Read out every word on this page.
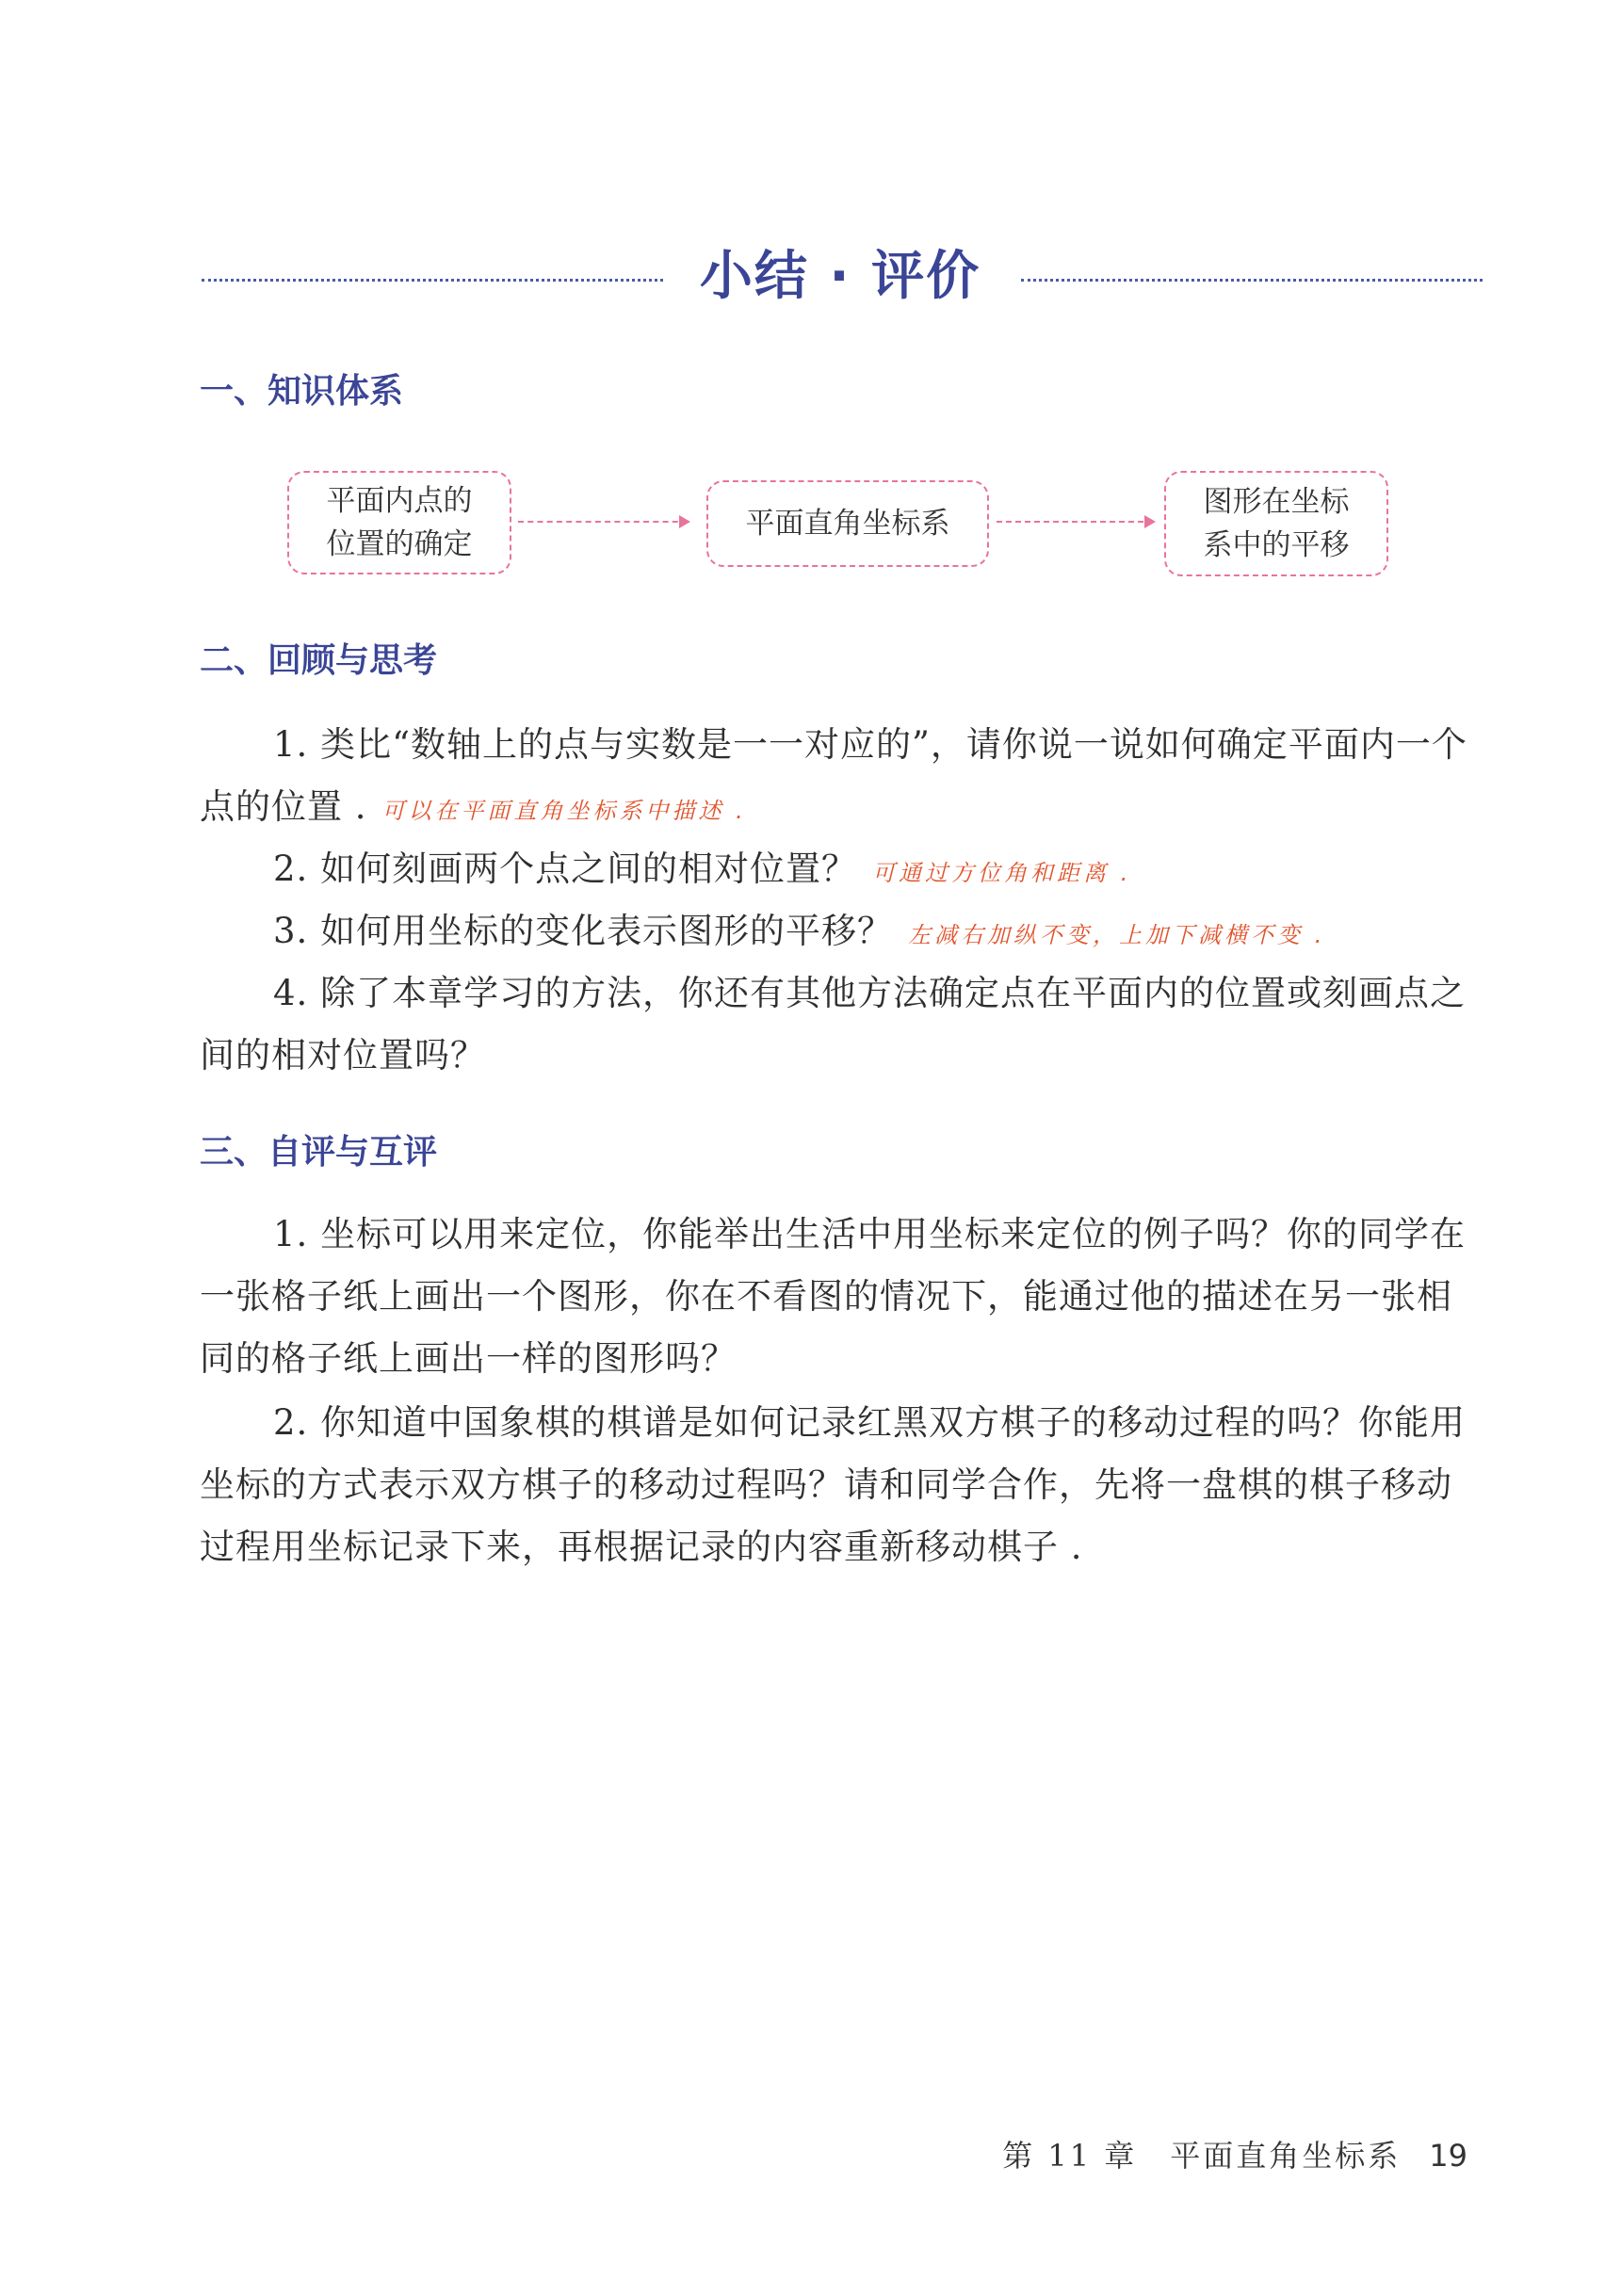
小结 · 评价
一、知识体系
平面内点的
位置的确定
平面直角坐标系
图形在坐标
系中的平移
二、回顾与思考
1. 类比“数轴上的点与实数是一一对应的”，请你说一说如何确定平面内一个点的位置 . 可以在平面直角坐标系中描述 .
2. 如何刻画两个点之间的相对位置？ 可通过方位角和距离 .
3. 如何用坐标的变化表示图形的平移？ 左减右加纵不变，上加下减横不变 .
4. 除了本章学习的方法，你还有其他方法确定点在平面内的位置或刻画点之间的相对位置吗？
三、自评与互评
1. 坐标可以用来定位，你能举出生活中用坐标来定位的例子吗？你的同学在一张格子纸上画出一个图形，你在不看图的情况下，能通过他的描述在另一张相同的格子纸上画出一样的图形吗？
2. 你知道中国象棋的棋谱是如何记录红黑双方棋子的移动过程的吗？你能用坐标的方式表示双方棋子的移动过程吗？请和同学合作，先将一盘棋的棋子移动过程用坐标记录下来，再根据记录的内容重新移动棋子 .
第 11 章　平面直角坐标系 19
